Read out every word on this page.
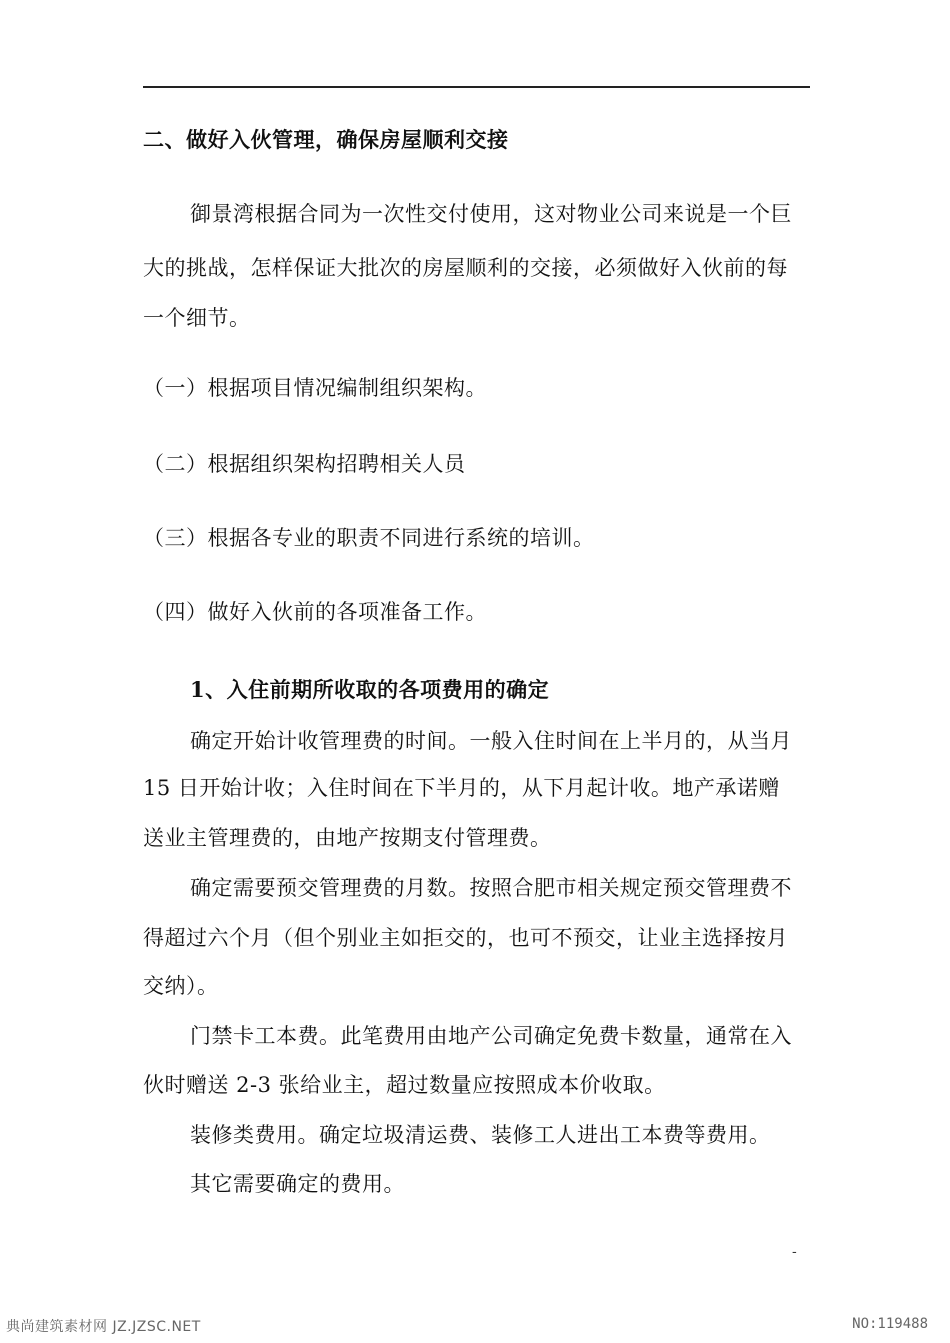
二、做好入伙管理，确保房屋顺利交接
御景湾根据合同为一次性交付使用，这对物业公司来说是一个巨
大的挑战，怎样保证大批次的房屋顺利的交接，必须做好入伙前的每
一个细节。
（一）根据项目情况编制组织架构。
（二）根据组织架构招聘相关人员
（三）根据各专业的职责不同进行系统的培训。
（四）做好入伙前的各项准备工作。
1、入住前期所收取的各项费用的确定
确定开始计收管理费的时间。一般入住时间在上半月的，从当月
15 日开始计收；入住时间在下半月的，从下月起计收。地产承诺赠
送业主管理费的，由地产按期支付管理费。
确定需要预交管理费的月数。按照合肥市相关规定预交管理费不
得超过六个月（但个别业主如拒交的，也可不预交，让业主选择按月
交纳）。
门禁卡工本费。此笔费用由地产公司确定免费卡数量，通常在入
伙时赠送 2-3 张给业主，超过数量应按照成本价收取。
装修类费用。确定垃圾清运费、装修工人进出工本费等费用。
其它需要确定的费用。
-
典尚建筑素材网 JZ.JZSC.NET	NO:119488
